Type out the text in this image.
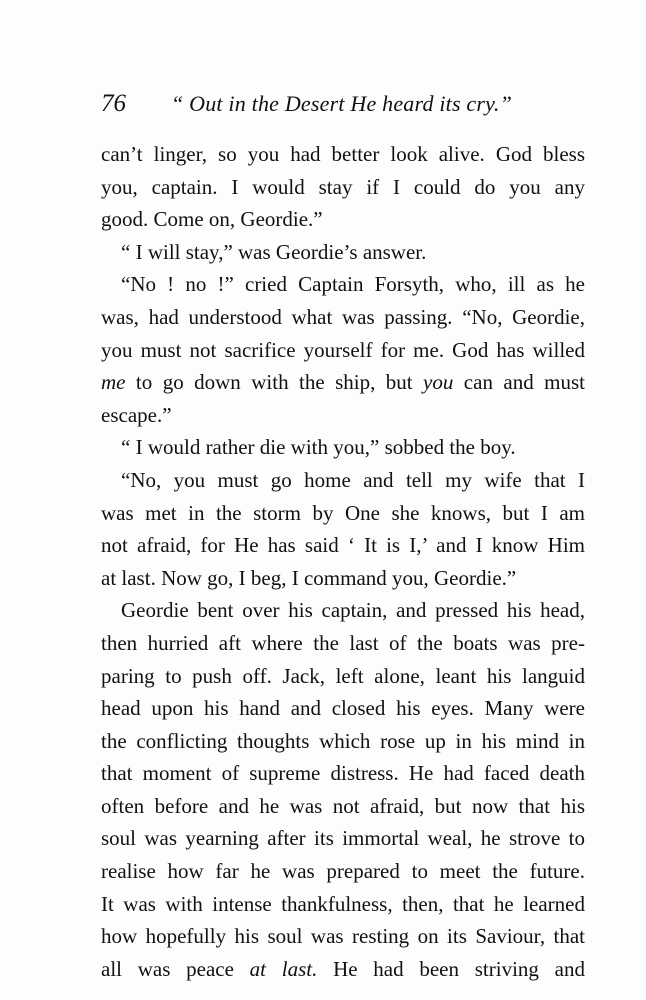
76 “ Out in the Desert He heard its cry.”
can’t linger, so you had better look alive. God bless
you, captain. I would stay if I could do you any
good. Come on, Geordie.”
“ I will stay,” was Geordie’s answer.
“No ! no !” cried Captain Forsyth, who, ill as he
was, had understood what was passing. “No, Geordie,
you must not sacrifice yourself for me. God has willed
me to go down with the ship, but you can and must
escape.”
“ I would rather die with you,” sobbed the boy.
“No, you must go home and tell my wife that I
was met in the storm by One she knows, but I am
not afraid, for He has said ‘ It is I,’ and I know Him
at last. Now go, I beg, I command you, Geordie.”
Geordie bent over his captain, and pressed his head,
then hurried aft where the last of the boats was pre-
paring to push off. Jack, left alone, leant his languid
head upon his hand and closed his eyes. Many were
the conflicting thoughts which rose up in his mind in
that moment of supreme distress. He had faced death
often before and he was not afraid, but now that his
soul was yearning after its immortal weal, he strove to
realise how far he was prepared to meet the future.
It was with intense thankfulness, then, that he learned
how hopefully his soul was resting on its Saviour, that
all was peace at last. He had been striving and
